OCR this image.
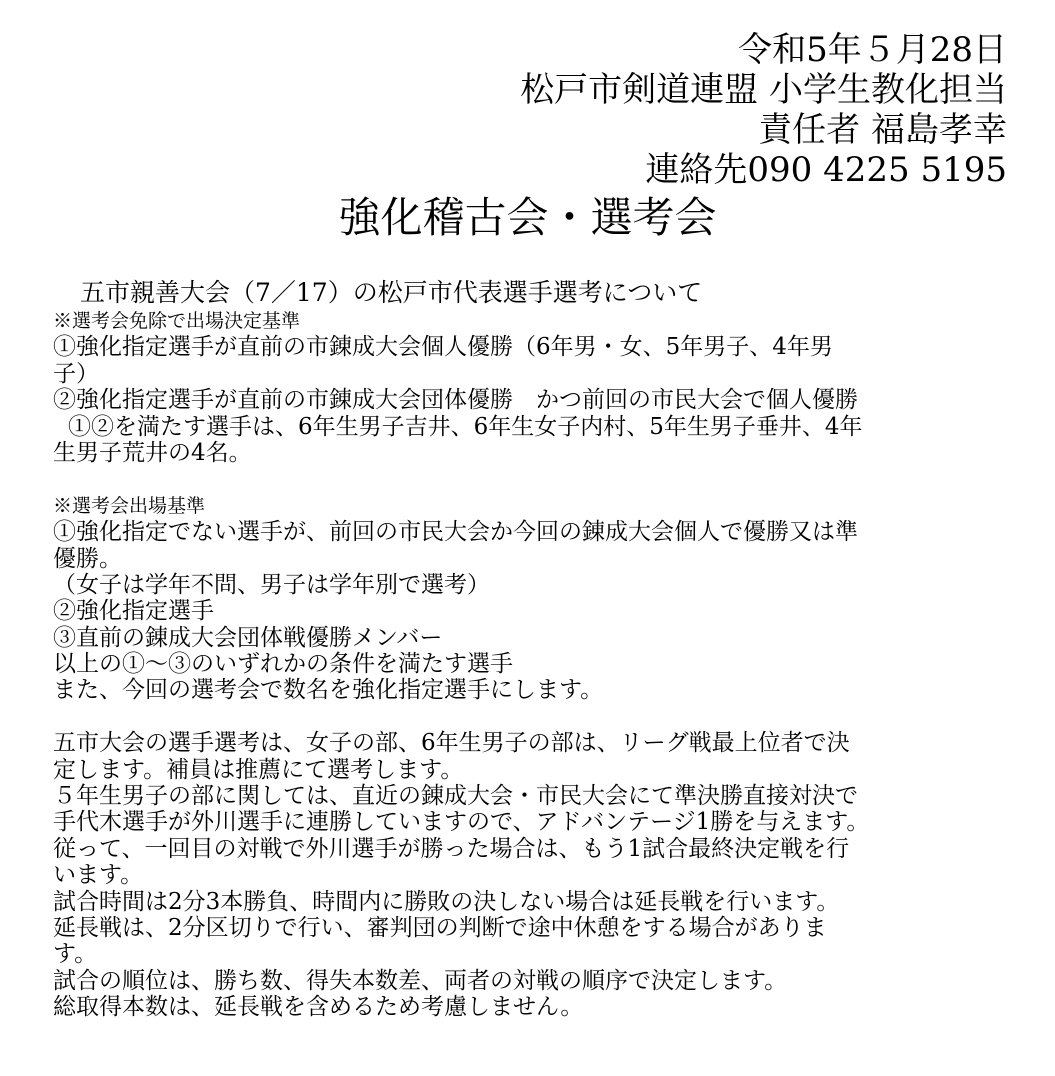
令和5年５月28日
松戸市剣道連盟 小学生教化担当
責任者 福島孝幸
連絡先090 4225 5195
強化稽古会・選考会
五市親善大会（7／17）の松戸市代表選手選考について
※選考会免除で出場決定基準
①強化指定選手が直前の市錬成大会個人優勝（6年男・女、5年男子、4年男
子）
②強化指定選手が直前の市錬成大会団体優勝　かつ前回の市民大会で個人優勝
①②を満たす選手は、6年生男子吉井、6年生女子内村、5年生男子垂井、4年
生男子荒井の4名。
※選考会出場基準
①強化指定でない選手が、前回の市民大会か今回の錬成大会個人で優勝又は準
優勝。
（女子は学年不問、男子は学年別で選考）
②強化指定選手
③直前の錬成大会団体戦優勝メンバー
以上の①〜③のいずれかの条件を満たす選手
また、今回の選考会で数名を強化指定選手にします。
五市大会の選手選考は、女子の部、6年生男子の部は、リーグ戦最上位者で決
定します。補員は推薦にて選考します。
５年生男子の部に関しては、直近の錬成大会・市民大会にて準決勝直接対決で
手代木選手が外川選手に連勝していますので、アドバンテージ1勝を与えます。
従って、一回目の対戦で外川選手が勝った場合は、もう1試合最終決定戦を行
います。
試合時間は2分3本勝負、時間内に勝敗の決しない場合は延長戦を行います。
延長戦は、2分区切りで行い、審判団の判断で途中休憩をする場合がありま
す。
試合の順位は、勝ち数、得失本数差、両者の対戦の順序で決定します。
総取得本数は、延長戦を含めるため考慮しません。
